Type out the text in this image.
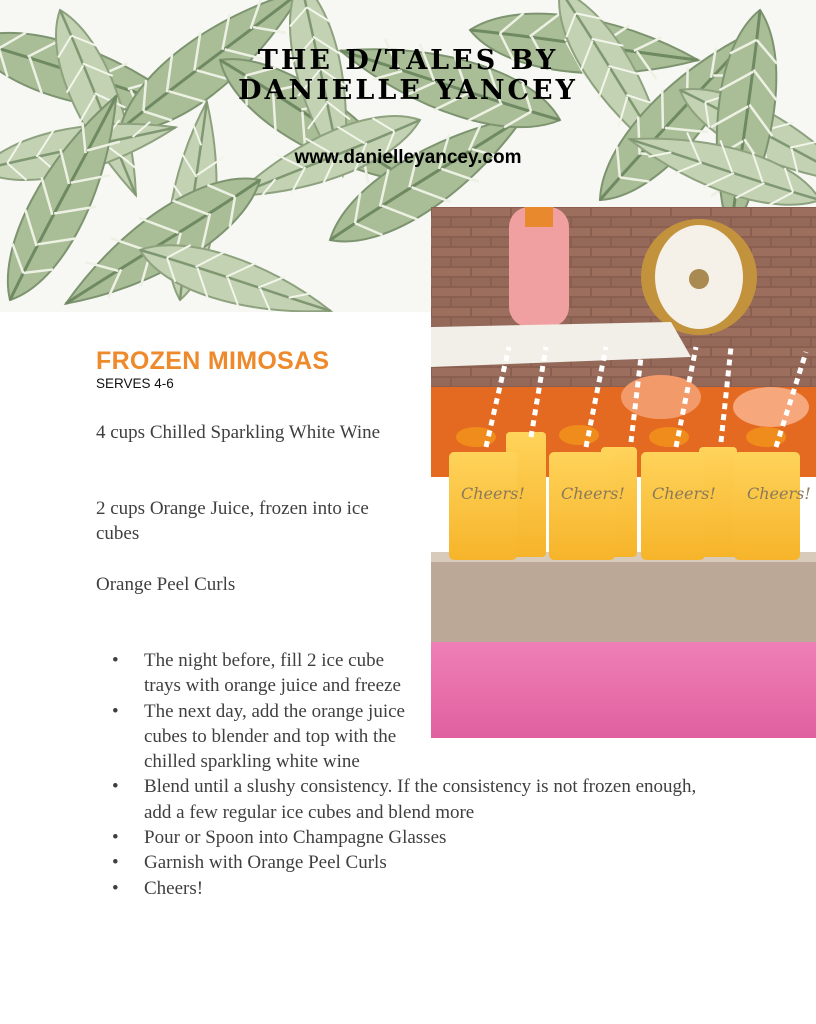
THE D/TALES BY
DANIELLE YANCEY
www.danielleyancey.com
Cheers! Cheers! Cheers! Cheers!
FROZEN MIMOSAS
SERVES 4-6
4 cups Chilled Sparkling White Wine
2 cups Orange Juice, frozen into ice cubes
Orange Peel Curls
• The night before, fill 2 ice cube trays with orange juice and freeze
• The next day, add the orange juice cubes to blender and top with the chilled sparkling white wine
• Blend until a slushy consistency. If the consistency is not frozen enough, add a few regular ice cubes and blend more
• Pour or Spoon into Champagne Glasses
• Garnish with Orange Peel Curls
• Cheers!
